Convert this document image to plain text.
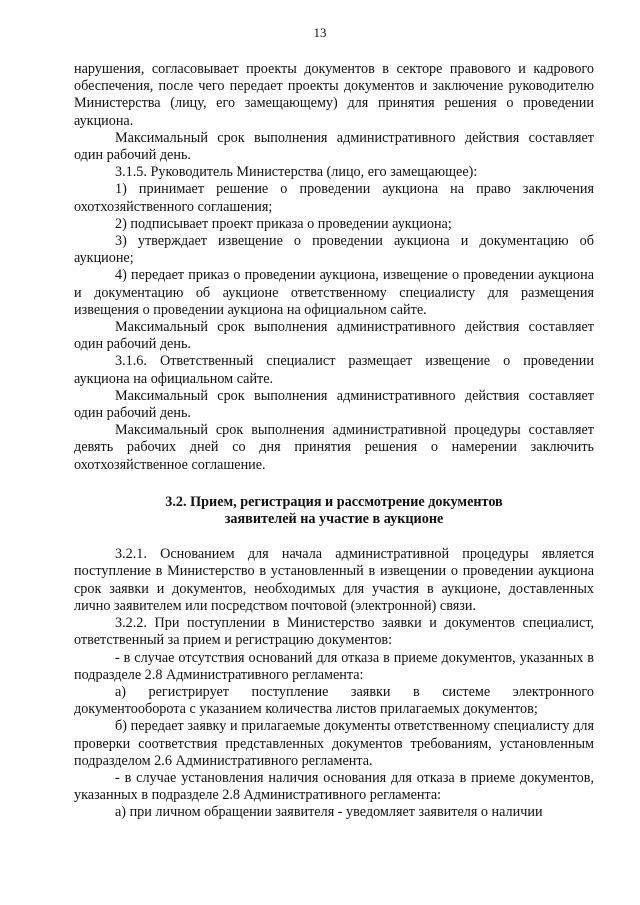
13

нарушения, согласовывает проекты документов в секторе правового и кадрового обеспечения, после чего передает проекты документов и заключение руководителю Министерства (лицу, его замещающему) для принятия решения о проведении аукциона.

Максимальный срок выполнения административного действия составляет один рабочий день.

3.1.5. Руководитель Министерства (лицо, его замещающее):

1) принимает решение о проведении аукциона на право заключения охотхозяйственного соглашения;

2) подписывает проект приказа о проведении аукциона;

3) утверждает извещение о проведении аукциона и документацию об аукционе;

4) передает приказ о проведении аукциона, извещение о проведении аукциона и документацию об аукционе ответственному специалисту для размещения извещения о проведении аукциона на официальном сайте.

Максимальный срок выполнения административного действия составляет один рабочий день.

3.1.6. Ответственный специалист размещает извещение о проведении аукциона на официальном сайте.

Максимальный срок выполнения административного действия составляет один рабочий день.

Максимальный срок выполнения административной процедуры составляет девять рабочих дней со дня принятия решения о намерении заключить охотхозяйственное соглашение.

3.2. Прием, регистрация и рассмотрение документов
заявителей на участие в аукционе

3.2.1. Основанием для начала административной процедуры является поступление в Министерство в установленный в извещении о проведении аукциона срок заявки и документов, необходимых для участия в аукционе, доставленных лично заявителем или посредством почтовой (электронной) связи.

3.2.2. При поступлении в Министерство заявки и документов специалист, ответственный за прием и регистрацию документов:

- в случае отсутствия оснований для отказа в приеме документов, указанных в подразделе 2.8 Административного регламента:

а) регистрирует поступление заявки в системе электронного документооборота с указанием количества листов прилагаемых документов;

б) передает заявку и прилагаемые документы ответственному специалисту для проверки соответствия представленных документов требованиям, установленным подразделом 2.6 Административного регламента.

- в случае установления наличия основания для отказа в приеме документов, указанных в подразделе 2.8 Административного регламента:

а) при личном обращении заявителя - уведомляет заявителя о наличии
